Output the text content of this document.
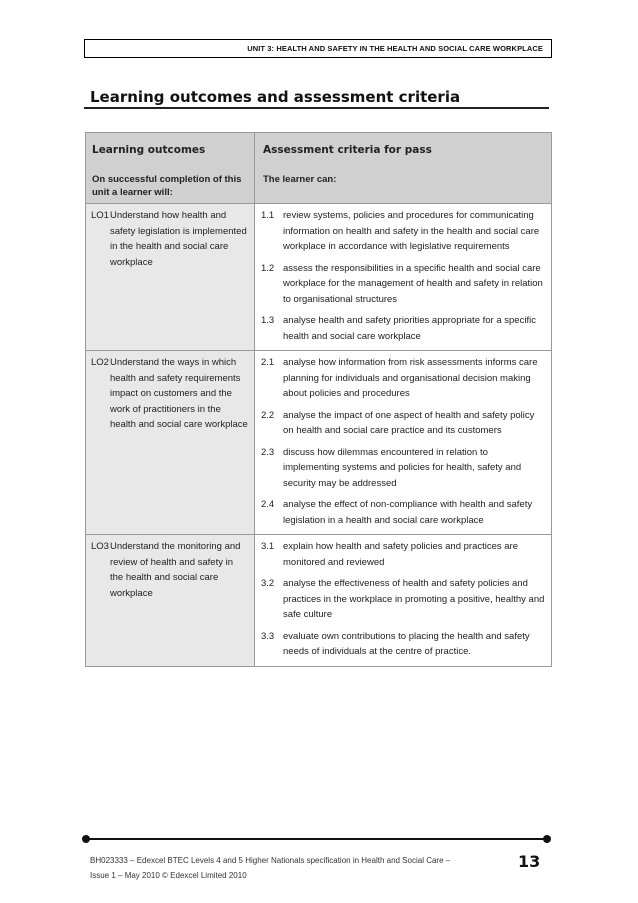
UNIT 3: HEALTH AND SAFETY IN THE HEALTH AND SOCIAL CARE WORKPLACE
Learning outcomes and assessment criteria
Learning outcomes
On successful completion of this unit a learner will:
Assessment criteria for pass
The learner can:
LO1 Understand how health and safety legislation is implemented in the health and social care workplace
1.1 review systems, policies and procedures for communicating information on health and safety in the health and social care workplace in accordance with legislative requirements
1.2 assess the responsibilities in a specific health and social care workplace for the management of health and safety in relation to organisational structures
1.3 analyse health and safety priorities appropriate for a specific health and social care workplace
LO2 Understand the ways in which health and safety requirements impact on customers and the work of practitioners in the health and social care workplace
2.1 analyse how information from risk assessments informs care planning for individuals and organisational decision making about policies and procedures
2.2 analyse the impact of one aspect of health and safety policy on health and social care practice and its customers
2.3 discuss how dilemmas encountered in relation to implementing systems and policies for health, safety and security may be addressed
2.4 analyse the effect of non-compliance with health and safety legislation in a health and social care workplace
LO3 Understand the monitoring and review of health and safety in the health and social care workplace
3.1 explain how health and safety policies and practices are monitored and reviewed
3.2 analyse the effectiveness of health and safety policies and practices in the workplace in promoting a positive, healthy and safe culture
3.3 evaluate own contributions to placing the health and safety needs of individuals at the centre of practice.
BH023333 – Edexcel BTEC Levels 4 and 5 Higher Nationals specification in Health and Social Care –
Issue 1 – May 2010 © Edexcel Limited 2010
13
